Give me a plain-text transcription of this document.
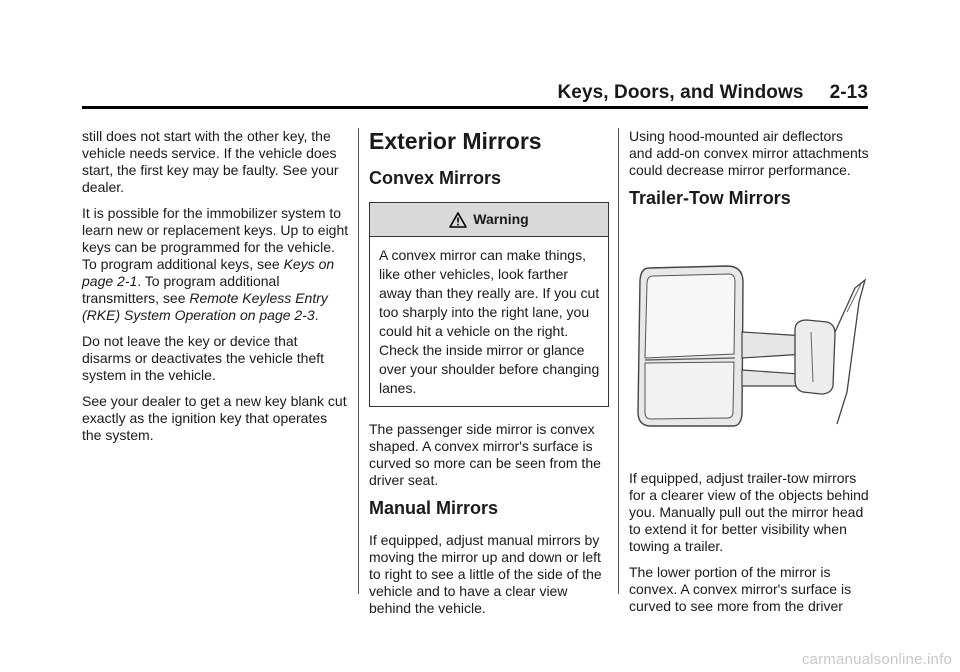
Keys, Doors, and Windows 2-13

still does not start with the other key, the vehicle needs service. If the vehicle does start, the first key may be faulty. See your dealer.

It is possible for the immobilizer system to learn new or replacement keys. Up to eight keys can be programmed for the vehicle. To program additional keys, see Keys on page 2-1. To program additional transmitters, see Remote Keyless Entry (RKE) System Operation on page 2-3.

Do not leave the key or device that disarms or deactivates the vehicle theft system in the vehicle.

See your dealer to get a new key blank cut exactly as the ignition key that operates the system.

Exterior Mirrors
Convex Mirrors
Warning
A convex mirror can make things, like other vehicles, look farther away than they really are. If you cut too sharply into the right lane, you could hit a vehicle on the right. Check the inside mirror or glance over your shoulder before changing lanes.

The passenger side mirror is convex shaped. A convex mirror's surface is curved so more can be seen from the driver seat.

Manual Mirrors

If equipped, adjust manual mirrors by moving the mirror up and down or left to right to see a little of the side of the vehicle and to have a clear view behind the vehicle.

Using hood-mounted air deflectors and add-on convex mirror attachments could decrease mirror performance.

Trailer-Tow Mirrors

If equipped, adjust trailer-tow mirrors for a clearer view of the objects behind you. Manually pull out the mirror head to extend it for better visibility when towing a trailer.

The lower portion of the mirror is convex. A convex mirror's surface is curved to see more from the driver

carmanualsonline.info
